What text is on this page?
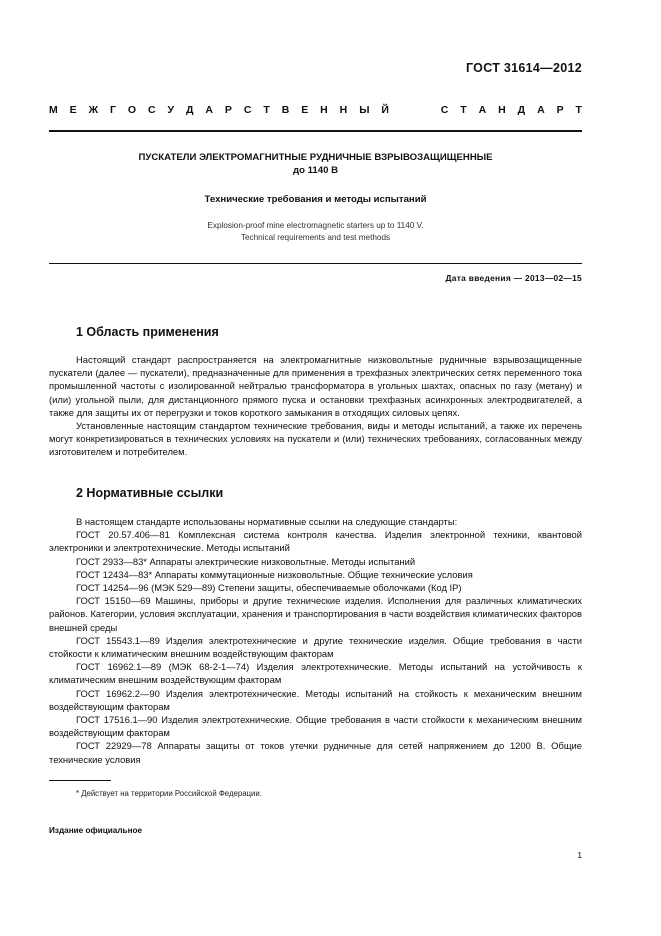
ГОСТ 31614—2012
М Е Ж Г О С У Д А Р С Т В Е Н Н Ы Й	С Т А Н Д А Р Т
ПУСКАТЕЛИ ЭЛЕКТРОМАГНИТНЫЕ РУДНИЧНЫЕ ВЗРЫВОЗАЩИЩЕННЫЕ
до 1140 В
Технические требования и методы испытаний
Explosion-proof mine electromagnetic starters up to 1140 V.
Technical requirements and test methods
Дата введения — 2013—02—15
1 Область применения

Настоящий стандарт распространяется на электромагнитные низковольтные рудничные взрывозащищенные пускатели (далее — пускатели), предназначенные для применения в трехфазных электрических сетях переменного тока промышленной частоты с изолированной нейтралью трансформатора в угольных шахтах, опасных по газу (метану) и (или) угольной пыли, для дистанционного прямого пуска и остановки трехфазных асинхронных электродвигателей, а также для защиты их от перегрузки и токов короткого замыкания в отходящих силовых цепях.

Установленные настоящим стандартом технические требования, виды и методы испытаний, а также их перечень могут конкретизироваться в технических условиях на пускатели и (или) технических требованиях, согласованных между изготовителем и потребителем.

2 Нормативные ссылки

В настоящем стандарте использованы нормативные ссылки на следующие стандарты:

ГОСТ 20.57.406—81 Комплексная система контроля качества. Изделия электронной техники, квантовой электроники и электротехнические. Методы испытаний

ГОСТ 2933—83* Аппараты электрические низковольтные. Методы испытаний

ГОСТ 12434—83* Аппараты коммутационные низковольтные. Общие технические условия

ГОСТ 14254—96 (МЭК 529—89) Степени защиты, обеспечиваемые оболочками (Код IP)

ГОСТ 15150—69 Машины, приборы и другие технические изделия. Исполнения для различных климатических районов. Категории, условия эксплуатации, хранения и транспортирования в части воздействия климатических факторов внешней среды

ГОСТ 15543.1—89 Изделия электротехнические и другие технические изделия. Общие требования в части стойкости к климатическим внешним воздействующим факторам

ГОСТ 16962.1—89 (МЭК 68-2-1—74) Изделия электротехнические. Методы испытаний на устойчивость к климатическим внешним воздействующим факторам

ГОСТ 16962.2—90 Изделия электротехнические. Методы испытаний на стойкость к механическим внешним воздействующим факторам

ГОСТ 17516.1—90 Изделия электротехнические. Общие требования в части стойкости к механическим внешним воздействующим факторам

ГОСТ 22929—78 Аппараты защиты от токов утечки рудничные для сетей напряжением до 1200 В. Общие технические условия

* Действует на территории Российской Федерации.
Издание официальное
1
